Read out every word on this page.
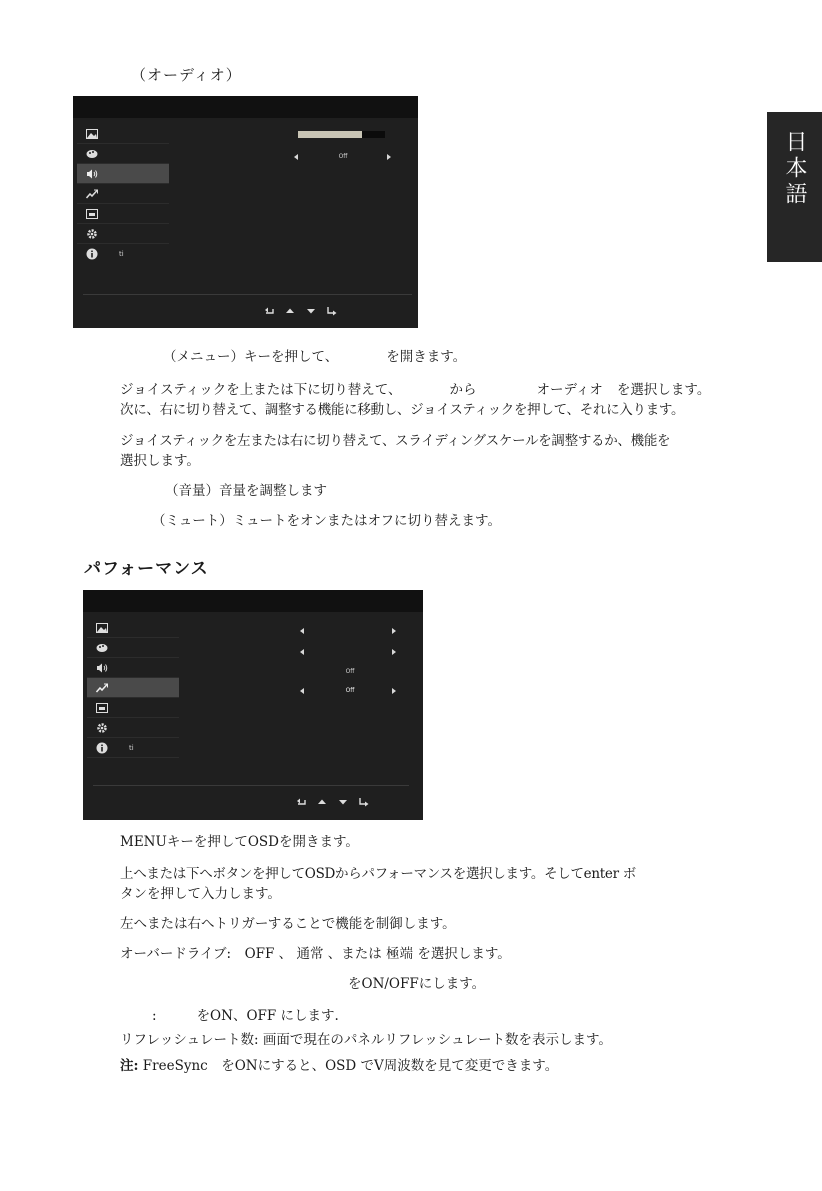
（オーディオ）
日本語
ti
Off
（メニュー）キーを押して、	を開きます。
ジョイスティックを上または下に切り替えて、	から	オーディオ を選択します。
次に、右に切り替えて、調整する機能に移動し、ジョイスティックを押して、それに入ります。
ジョイスティックを左または右に切り替えて、スライディングスケールを調整するか、機能を
選択します。
（音量）音量を調整します
（ミュート）ミュートをオンまたはオフに切り替えます。
パフォーマンス
ti
Off
Off
MENUキーを押してOSDを開きます。
上へまたは下へボタンを押してOSDからパフォーマンスを選択します。そしてenter ボ
タンを押して入力します。
左へまたは右へトリガーすることで機能を制御します。
オーバードライブ:　OFF 、 通常 、または 極端 を選択します。
をON/OFFにします。
:	をON、OFF にします.
リフレッシュレート数: 画面で現在のパネルリフレッシュレート数を表示します。
注: FreeSync　をONにすると、OSD でV周波数を見て変更できます。
